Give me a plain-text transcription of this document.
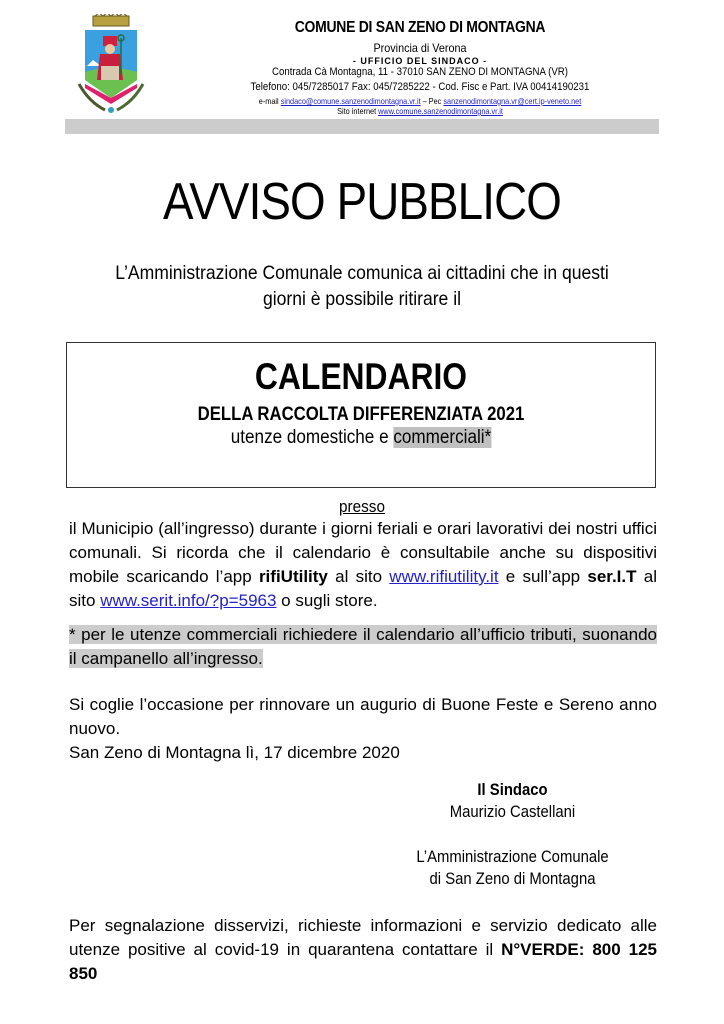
COMUNE DI SAN ZENO DI MONTAGNA
Provincia di Verona
- UFFICIO DEL SINDACO -
Contrada Cà Montagna, 11 - 37010 SAN ZENO DI MONTAGNA (VR)
Telefono: 045/7285017 Fax: 045/7285222 - Cod. Fisc e Part. IVA 00414190231
e-mail sindaco@comune.sanzenodimontagna.vr.it – Pec sanzenodimontagna.vr@cert.ip-veneto.net
Sito internet www.comune.sanzenodimontagna.vr.it
AVVISO PUBBLICO
L’Amministrazione Comunale comunica ai cittadini che in questi
giorni è possibile ritirare il
CALENDARIO
DELLA RACCOLTA DIFFERENZIATA 2021
utenze domestiche e commerciali*
presso
il Municipio (all’ingresso) durante i giorni feriali e orari lavorativi dei nostri uffici comunali. Si ricorda che il calendario è consultabile anche su dispositivi mobile scaricando l’app rifiUtility al sito www.rifiutility.it e sull’app ser.I.T al sito www.serit.info/?p=5963 o sugli store.
* per le utenze commerciali richiedere il calendario all’ufficio tributi, suonando il campanello all’ingresso.
Si coglie l’occasione per rinnovare un augurio di Buone Feste e Sereno anno nuovo.
San Zeno di Montagna lì, 17 dicembre 2020
Il Sindaco
Maurizio Castellani
L’Amministrazione Comunale
di San Zeno di Montagna
Per segnalazione disservizi, richieste informazioni e servizio dedicato alle utenze positive al covid-19 in quarantena contattare il N°VERDE: 800 125 850
